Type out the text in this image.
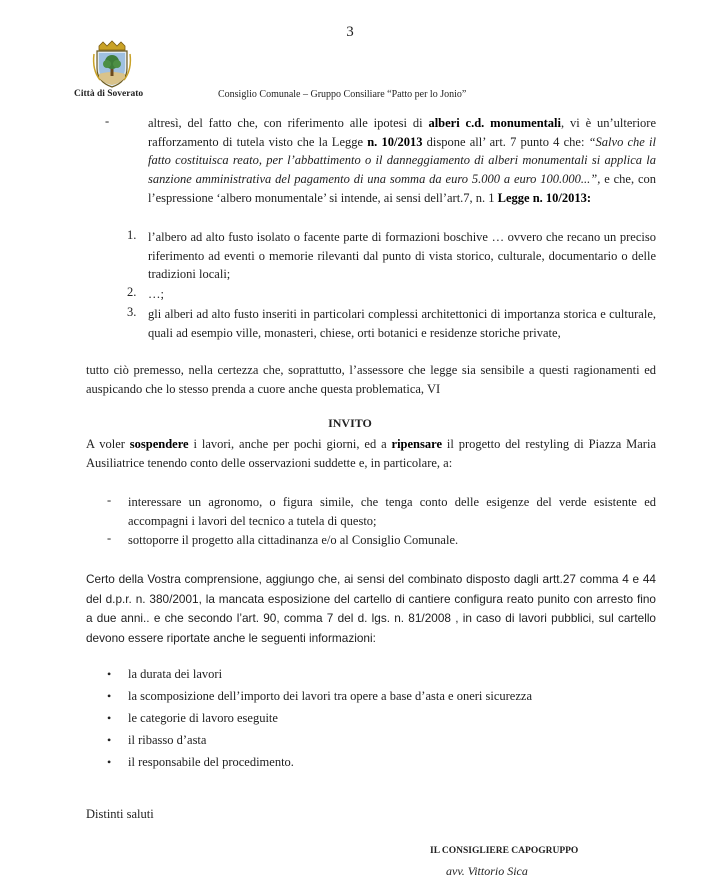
3
Città di Soverato	Consiglio Comunale – Gruppo Consiliare “Patto per lo Jonio”
-	altresì, del fatto che, con riferimento alle ipotesi di alberi c.d. monumentali, vi è un’ulteriore rafforzamento di tutela visto che la Legge n. 10/2013 dispone all’ art. 7 punto 4 che: “Salvo che il fatto costituisca reato, per l’abbattimento o il danneggiamento di alberi monumentali si applica la sanzione amministrativa del pagamento di una somma da euro 5.000 a euro 100.000...”, e che, con l’espressione ‘albero monumentale’ si intende, ai sensi dell’art.7, n. 1 Legge n. 10/2013:
1. l’albero ad alto fusto isolato o facente parte di formazioni boschive … ovvero che recano un preciso riferimento ad eventi o memorie rilevanti dal punto di vista storico, culturale, documentario o delle tradizioni locali;
2. …;
3. gli alberi ad alto fusto inseriti in particolari complessi architettonici di importanza storica e culturale, quali ad esempio ville, monasteri, chiese, orti botanici e residenze storiche private,
tutto ciò premesso, nella certezza che, soprattutto, l’assessore che legge sia sensibile a questi ragionamenti ed auspicando che lo stesso prenda a cuore anche questa problematica, VI
INVITO
A voler sospendere i lavori, anche per pochi giorni, ed a ripensare il progetto del restyling di Piazza Maria Ausiliatrice tenendo conto delle osservazioni suddette e, in particolare, a:
-	interessare un agronomo, o figura simile, che tenga conto delle esigenze del verde esistente ed accompagni i lavori del tecnico a tutela di questo;
-	sottoporre il progetto alla cittadinanza e/o al Consiglio Comunale.
Certo della Vostra comprensione, aggiungo che, ai sensi del combinato disposto dagli artt.27 comma 4 e 44 del d.p.r. n. 380/2001, la mancata esposizione del cartello di cantiere configura reato punito con arresto fino a due anni.. e che secondo l’art. 90, comma 7 del d. lgs. n. 81/2008 , in caso di lavori pubblici, sul cartello devono essere riportate anche le seguenti informazioni:
• la durata dei lavori
• la scomposizione dell’importo dei lavori tra opere a base d’asta e oneri sicurezza
• le categorie di lavoro eseguite
• il ribasso d’asta
• il responsabile del procedimento.
Distinti saluti
IL CONSIGLIERE CAPOGRUPPO
avv. Vittorio Sica
